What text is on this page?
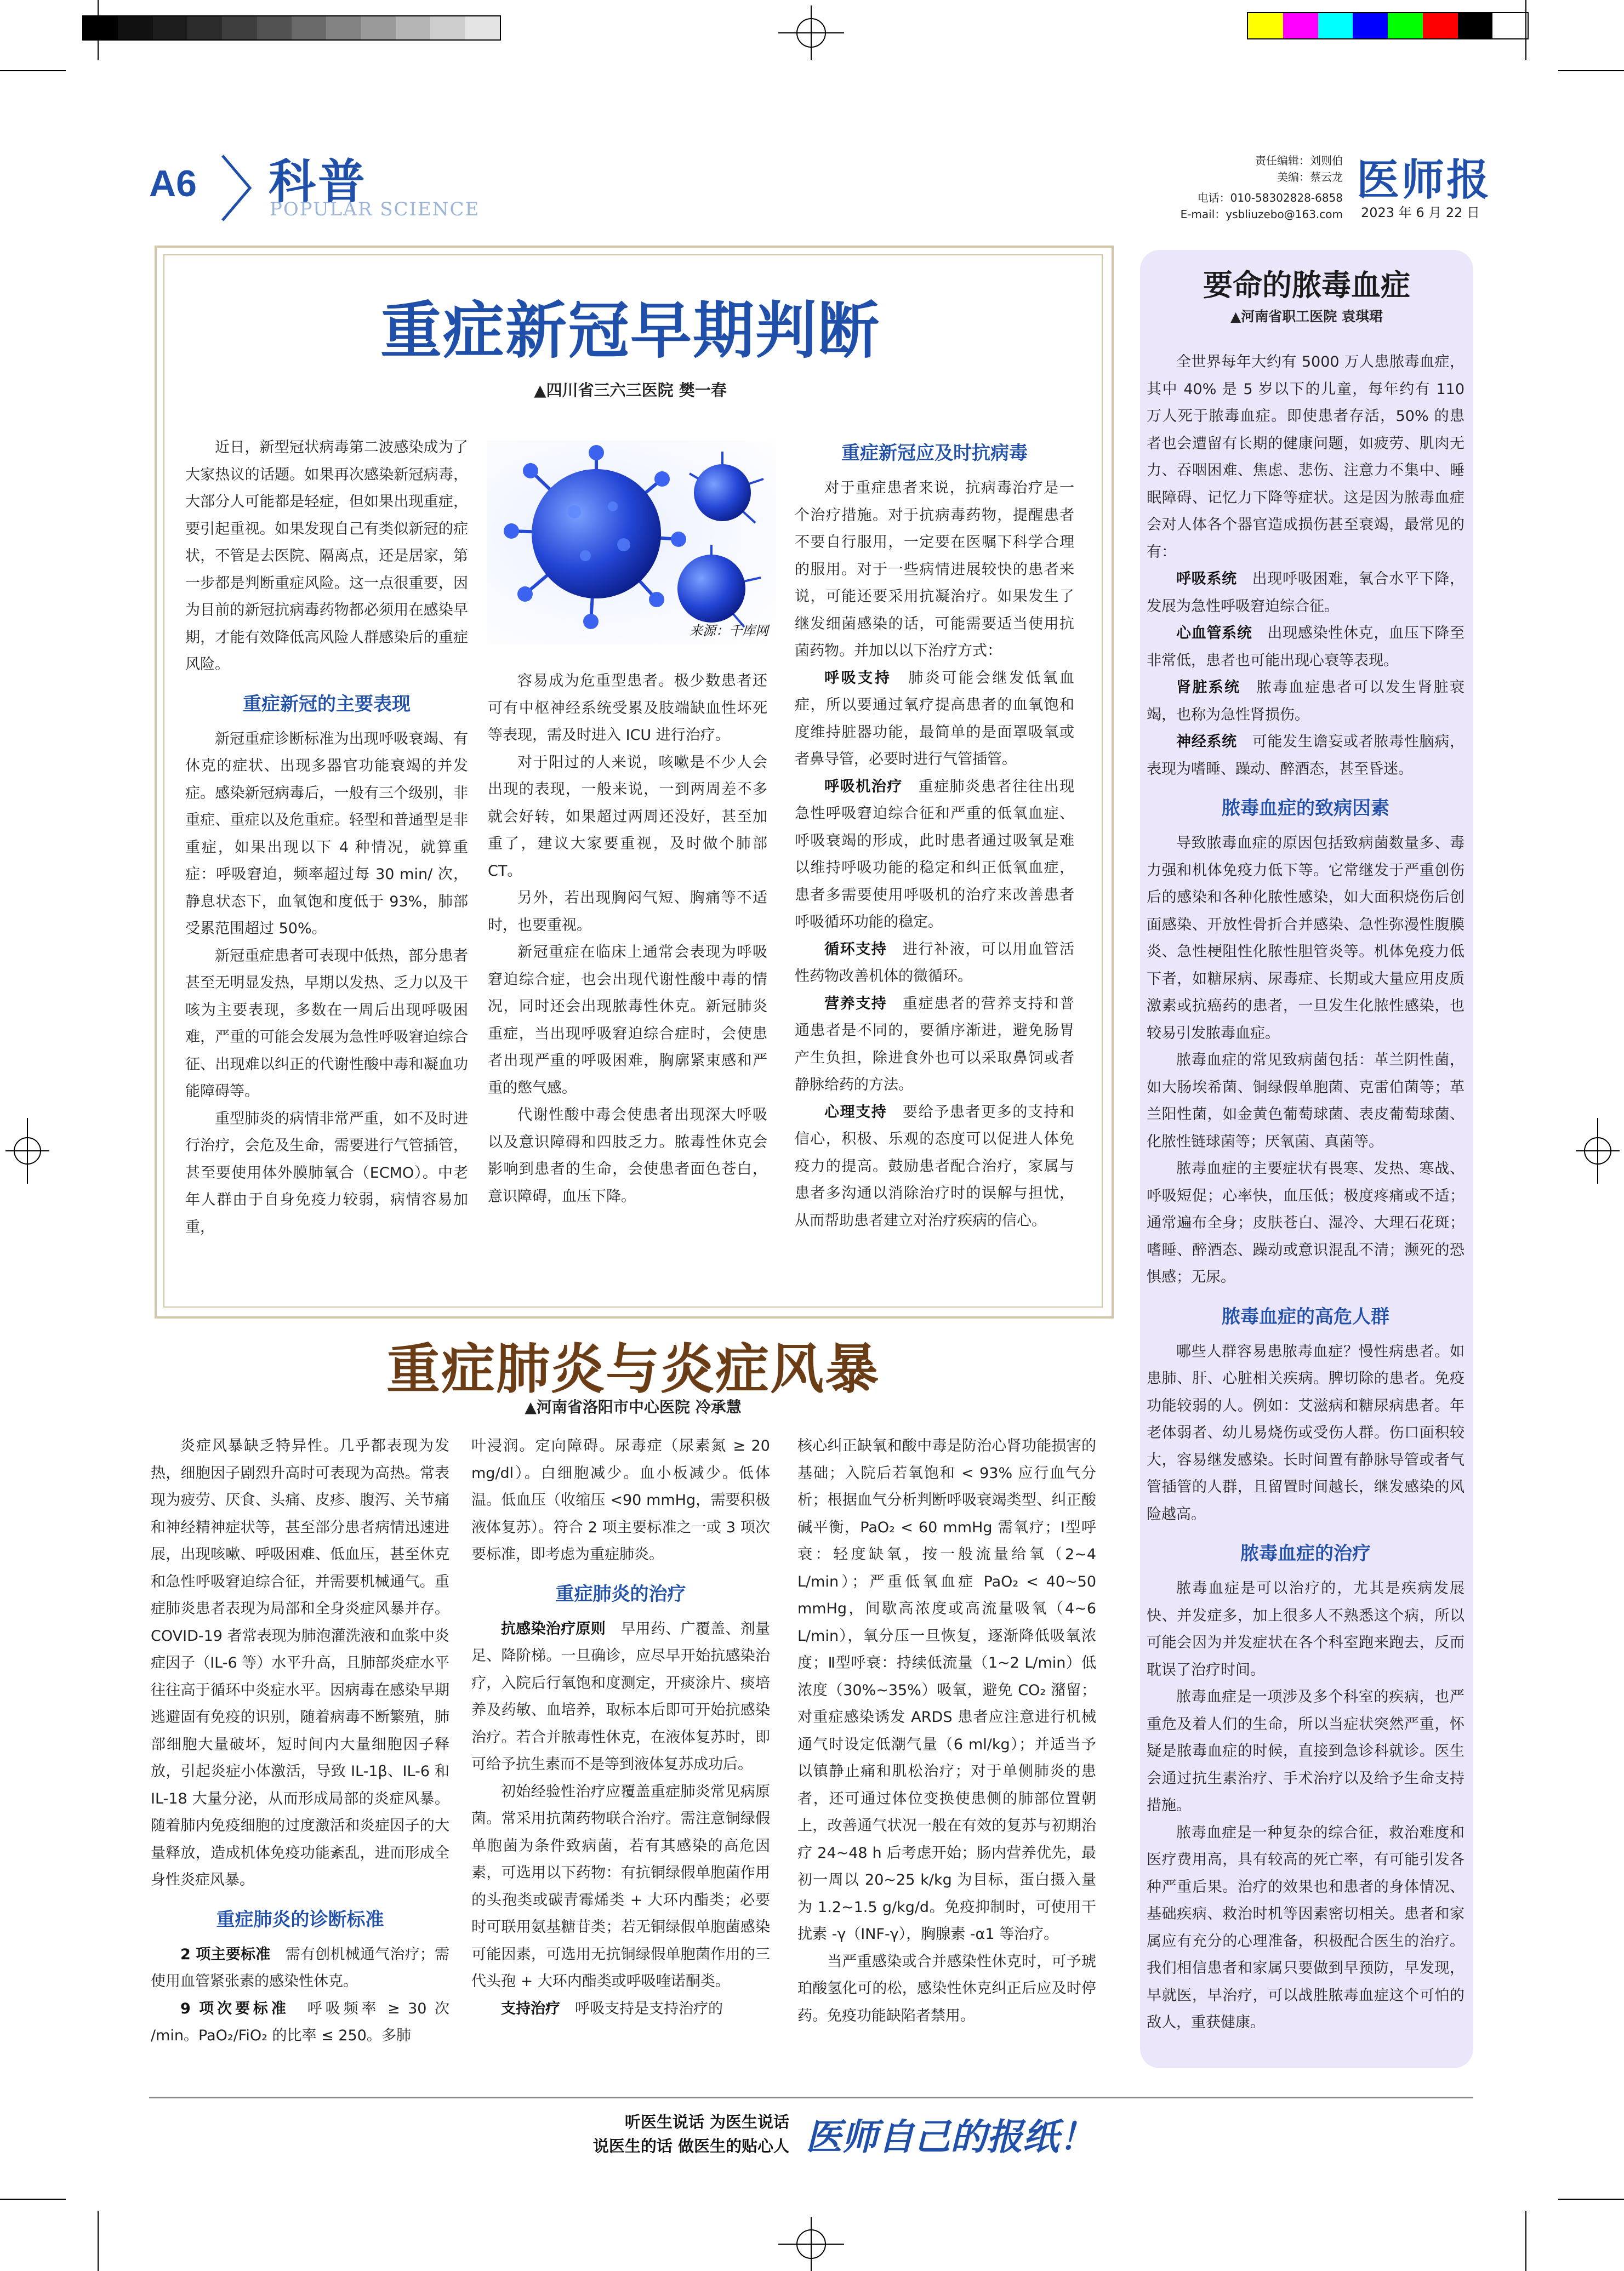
A6 科普
POPULAR SCIENCE
责任编辑：刘则伯
美编：蔡云龙
电话：010-58302828-6858
E-mail：ysbliuzebo@163.com
医师报
2023 年 6 月 22 日
重症新冠早期判断
▲四川省三六三医院 樊一春
来源：千库网

近日，新型冠状病毒第二波感染成为了大家热议的话题。如果再次感染新冠病毒，大部分人可能都是轻症，但如果出现重症，要引起重视。如果发现自己有类似新冠的症状，不管是去医院、隔离点，还是居家，第一步都是判断重症风险。这一点很重要，因为目前的新冠抗病毒药物都必须用在感染早期，才能有效降低高风险人群感染后的重症风险。

重症新冠的主要表现

新冠重症诊断标准为出现呼吸衰竭、有休克的症状、出现多器官功能衰竭的并发症。感染新冠病毒后，一般有三个级别，非重症、重症以及危重症。轻型和普通型是非重症，如果出现以下 4 种情况，就算重症：呼吸窘迫，频率超过每 30 min/ 次，静息状态下，血氧饱和度低于 93%，肺部受累范围超过 50%。

新冠重症患者可表现中低热，部分患者甚至无明显发热，早期以发热、乏力以及干咳为主要表现，多数在一周后出现呼吸困难，严重的可能会发展为急性呼吸窘迫综合征、出现难以纠正的代谢性酸中毒和凝血功能障碍等。

重型肺炎的病情非常严重，如不及时进行治疗，会危及生命，需要进行气管插管，甚至要使用体外膜肺氧合（ECMO）。中老年人群由于自身免疫力较弱，病情容易加重，

容易成为危重型患者。极少数患者还可有中枢神经系统受累及肢端缺血性坏死等表现，需及时进入 ICU 进行治疗。

对于阳过的人来说，咳嗽是不少人会出现的表现，一般来说，一到两周差不多就会好转，如果超过两周还没好，甚至加重了，建议大家要重视，及时做个肺部 CT。

另外，若出现胸闷气短、胸痛等不适时，也要重视。

新冠重症在临床上通常会表现为呼吸窘迫综合症，也会出现代谢性酸中毒的情况，同时还会出现脓毒性休克。新冠肺炎重症，当出现呼吸窘迫综合症时，会使患者出现严重的呼吸困难，胸廓紧束感和严重的憋气感。

代谢性酸中毒会使患者出现深大呼吸以及意识障碍和四肢乏力。脓毒性休克会影响到患者的生命，会使患者面色苍白，意识障碍，血压下降。

重症新冠应及时抗病毒

对于重症患者来说，抗病毒治疗是一个治疗措施。对于抗病毒药物，提醒患者不要自行服用，一定要在医嘱下科学合理的服用。对于一些病情进展较快的患者来说，可能还要采用抗凝治疗。如果发生了继发细菌感染的话，可能需要适当使用抗菌药物。并加以以下治疗方式：

呼吸支持　肺炎可能会继发低氧血症，所以要通过氧疗提高患者的血氧饱和度维持脏器功能，最简单的是面罩吸氧或者鼻导管，必要时进行气管插管。

呼吸机治疗　重症肺炎患者往往出现急性呼吸窘迫综合征和严重的低氧血症、呼吸衰竭的形成，此时患者通过吸氧是难以维持呼吸功能的稳定和纠正低氧血症，患者多需要使用呼吸机的治疗来改善患者呼吸循环功能的稳定。

循环支持　进行补液，可以用血管活性药物改善机体的微循环。

营养支持　重症患者的营养支持和普通患者是不同的，要循序渐进，避免肠胃产生负担，除进食外也可以采取鼻饲或者静脉给药的方法。

心理支持　要给予患者更多的支持和信心，积极、乐观的态度可以促进人体免疫力的提高。鼓励患者配合治疗，家属与患者多沟通以消除治疗时的误解与担忧，从而帮助患者建立对治疗疾病的信心。

要命的脓毒血症
▲河南省职工医院 袁琪珺

全世界每年大约有 5000 万人患脓毒血症，其中 40% 是 5 岁以下的儿童，每年约有 110 万人死于脓毒血症。即使患者存活，50% 的患者也会遭留有长期的健康问题，如疲劳、肌肉无力、吞咽困难、焦虑、悲伤、注意力不集中、睡眠障碍、记忆力下降等症状。这是因为脓毒血症会对人体各个器官造成损伤甚至衰竭，最常见的有：

呼吸系统　出现呼吸困难，氧合水平下降，发展为急性呼吸窘迫综合征。

心血管系统　出现感染性休克，血压下降至非常低，患者也可能出现心衰等表现。

肾脏系统　脓毒血症患者可以发生肾脏衰竭，也称为急性肾损伤。

神经系统　可能发生谵妄或者脓毒性脑病，表现为嗜睡、躁动、醉酒态，甚至昏迷。

脓毒血症的致病因素

导致脓毒血症的原因包括致病菌数量多、毒力强和机体免疫力低下等。它常继发于严重创伤后的感染和各种化脓性感染，如大面积烧伤后创面感染、开放性骨折合并感染、急性弥漫性腹膜炎、急性梗阻性化脓性胆管炎等。机体免疫力低下者，如糖尿病、尿毒症、长期或大量应用皮质激素或抗癌药的患者，一旦发生化脓性感染，也较易引发脓毒血症。

脓毒血症的常见致病菌包括：革兰阴性菌，如大肠埃希菌、铜绿假单胞菌、克雷伯菌等；革兰阳性菌，如金黄色葡萄球菌、表皮葡萄球菌、化脓性链球菌等；厌氧菌、真菌等。

脓毒血症的主要症状有畏寒、发热、寒战、呼吸短促；心率快，血压低；极度疼痛或不适；通常遍布全身；皮肤苍白、湿冷、大理石花斑；嗜睡、醉酒态、躁动或意识混乱不清；濒死的恐惧感；无尿。

脓毒血症的高危人群

哪些人群容易患脓毒血症？慢性病患者。如患肺、肝、心脏相关疾病。脾切除的患者。免疫功能较弱的人。例如：艾滋病和糖尿病患者。年老体弱者、幼儿易烧伤或受伤人群。伤口面积较大，容易继发感染。长时间置有静脉导管或者气管插管的人群，且留置时间越长，继发感染的风险越高。

脓毒血症的治疗

脓毒血症是可以治疗的，尤其是疾病发展快、并发症多，加上很多人不熟悉这个病，所以可能会因为并发症状在各个科室跑来跑去，反而耽误了治疗时间。

脓毒血症是一项涉及多个科室的疾病，也严重危及着人们的生命，所以当症状突然严重，怀疑是脓毒血症的时候，直接到急诊科就诊。医生会通过抗生素治疗、手术治疗以及给予生命支持措施。

脓毒血症是一种复杂的综合征，救治难度和医疗费用高，具有较高的死亡率，有可能引发各种严重后果。治疗的效果也和患者的身体情况、基础疾病、救治时机等因素密切相关。患者和家属应有充分的心理准备，积极配合医生的治疗。我们相信患者和家属只要做到早预防，早发现，早就医，早治疗，可以战胜脓毒血症这个可怕的敌人，重获健康。

重症肺炎与炎症风暴
▲河南省洛阳市中心医院 冷承慧

炎症风暴缺乏特异性。几乎都表现为发热，细胞因子剧烈升高时可表现为高热。常表现为疲劳、厌食、头痛、皮疹、腹泻、关节痛和神经精神症状等，甚至部分患者病情迅速进展，出现咳嗽、呼吸困难、低血压，甚至休克和急性呼吸窘迫综合征，并需要机械通气。重症肺炎患者表现为局部和全身炎症风暴并存。COVID-19 者常表现为肺泡灌洗液和血浆中炎症因子（IL-6 等）水平升高，且肺部炎症水平往往高于循环中炎症水平。因病毒在感染早期逃避固有免疫的识别，随着病毒不断繁殖，肺部细胞大量破坏，短时间内大量细胞因子释放，引起炎症小体激活，导致 IL-1β、IL-6 和 IL-18 大量分泌，从而形成局部的炎症风暴。随着肺内免疫细胞的过度激活和炎症因子的大量释放，造成机体免疫功能紊乱，进而形成全身性炎症风暴。

重症肺炎的诊断标准

2 项主要标准　需有创机械通气治疗；需使用血管紧张素的感染性休克。

9 项次要标准　呼吸频率 ≥ 30 次 /min。PaO₂/FiO₂ 的比率 ≤ 250。多肺

叶浸润。定向障碍。尿毒症（尿素氮 ≥ 20 mg/dl）。白细胞减少。血小板减少。低体温。低血压（收缩压 <90 mmHg，需要积极液体复苏）。符合 2 项主要标准之一或 3 项次要标准，即考虑为重症肺炎。

重症肺炎的治疗

抗感染治疗原则　早用药、广覆盖、剂量足、降阶梯。一旦确诊，应尽早开始抗感染治疗，入院后行氧饱和度测定，开痰涂片、痰培养及药敏、血培养，取标本后即可开始抗感染治疗。若合并脓毒性休克，在液体复苏时，即可给予抗生素而不是等到液体复苏成功后。

初始经验性治疗应覆盖重症肺炎常见病原菌。常采用抗菌药物联合治疗。需注意铜绿假单胞菌为条件致病菌，若有其感染的高危因素，可选用以下药物：有抗铜绿假单胞菌作用的头孢类或碳青霉烯类 + 大环内酯类；必要时可联用氨基糖苷类；若无铜绿假单胞菌感染可能因素，可选用无抗铜绿假单胞菌作用的三代头孢 + 大环内酯类或呼吸喹诺酮类。

支持治疗　呼吸支持是支持治疗的

核心纠正缺氧和酸中毒是防治心肾功能损害的基础；入院后若氧饱和 < 93% 应行血气分析；根据血气分析判断呼吸衰竭类型、纠正酸碱平衡，PaO₂ < 60 mmHg 需氧疗；Ⅰ型呼衰：轻度缺氧，按一般流量给氧（2~4 L/min）；严重低氧血症 PaO₂ < 40~50 mmHg，间歇高浓度或高流量吸氧（4~6 L/min），氧分压一旦恢复，逐渐降低吸氧浓度；Ⅱ型呼衰：持续低流量（1~2 L/min）低浓度（30%~35%）吸氧，避免 CO₂ 潴留；对重症感染诱发 ARDS 患者应注意进行机械通气时设定低潮气量（6 ml/kg）；并适当予以镇静止痛和肌松治疗；对于单侧肺炎的患者，还可通过体位变换使患侧的肺部位置朝上，改善通气状况一般在有效的复苏与初期治疗 24~48 h 后考虑开始；肠内营养优先，最初一周以 20~25 k/kg 为目标，蛋白摄入量为 1.2~1.5 g/kg/d。免疫抑制时，可使用干扰素 -γ（INF-γ），胸腺素 -α1 等治疗。

当严重感染或合并感染性休克时，可予琥珀酸氢化可的松，感染性休克纠正后应及时停药。免疫功能缺陷者禁用。

听医生说话 为医生说话
说医生的话 做医生的贴心人 医师自己的报纸！
